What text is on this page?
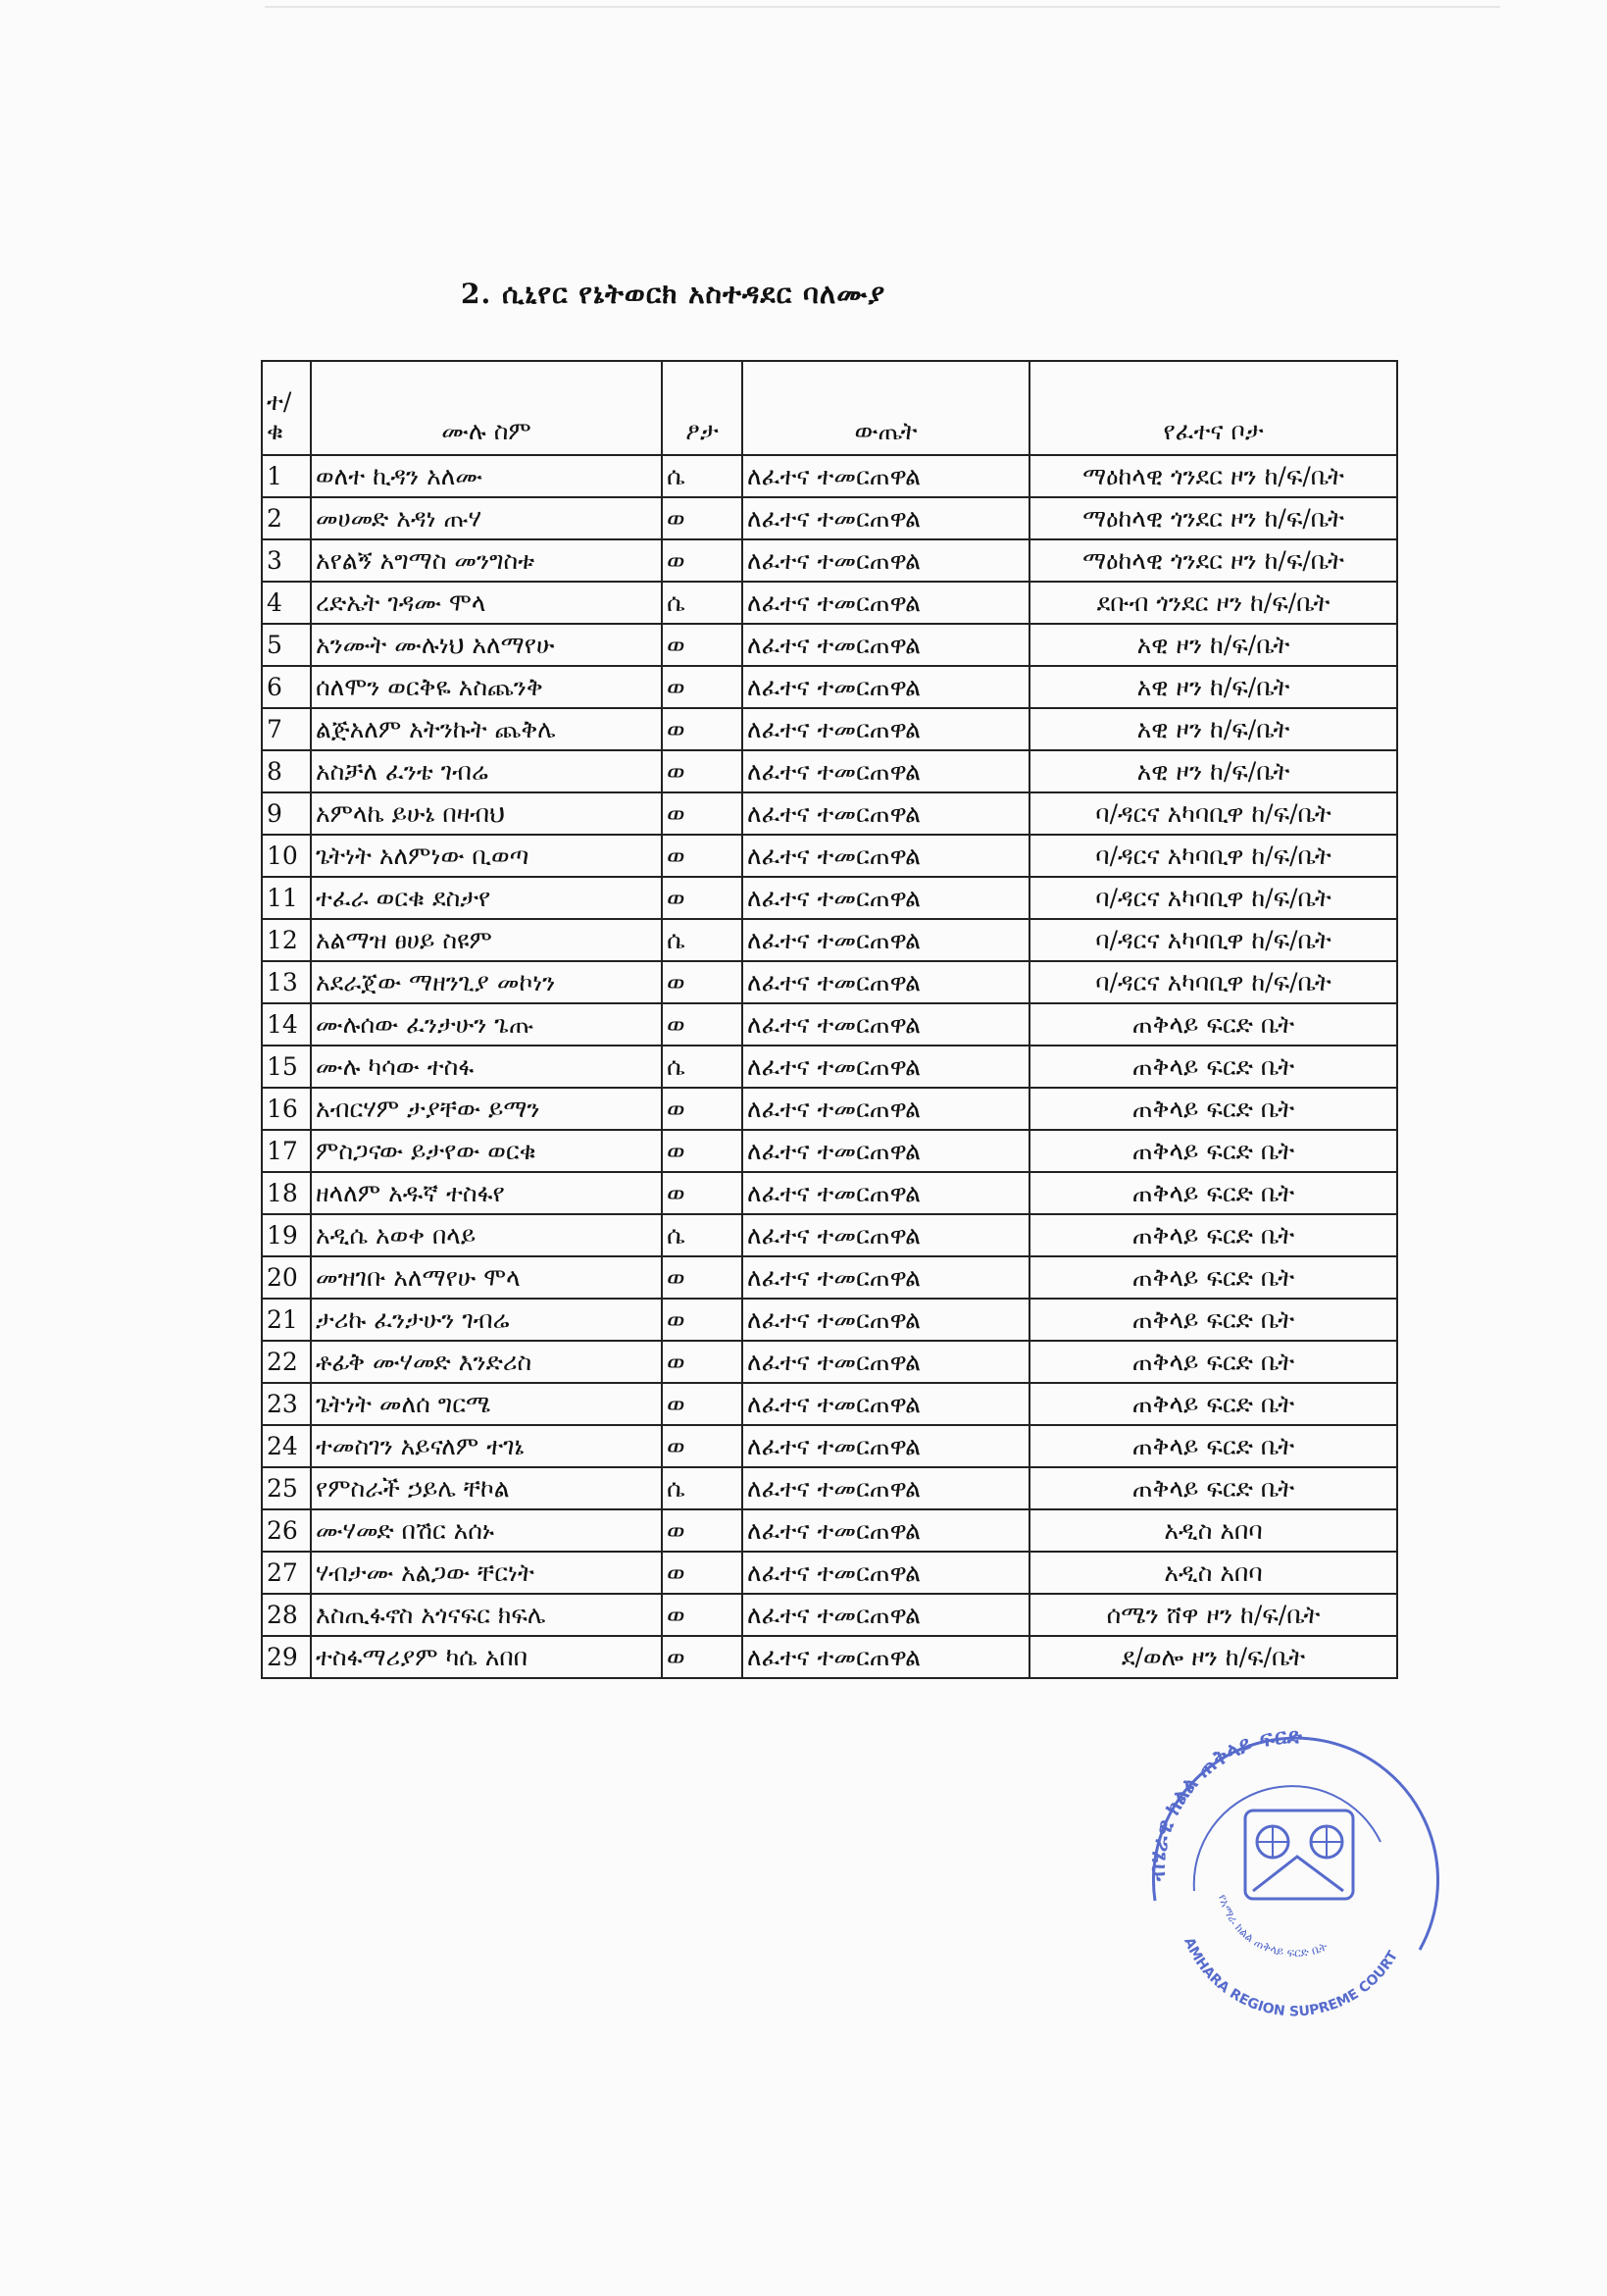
2. ሲኒየር የኔትወርክ አስተዳደር ባለሙያ
ተ/
ቁ	ሙሉ ስም	ፆታ	ውጤት	የፈተና ቦታ
1	ወለተ ኪዳን አለሙ	ሴ	ለፈተና ተመርጠዋል	ማዕከላዊ ጎንደር ዞን ከ/ፍ/ቤት
2	መሀመድ አዳነ ጡሃ	ወ	ለፈተና ተመርጠዋል	ማዕከላዊ ጎንደር ዞን ከ/ፍ/ቤት
3	አየልኝ አግማስ መንግስቱ	ወ	ለፈተና ተመርጠዋል	ማዕከላዊ ጎንደር ዞን ከ/ፍ/ቤት
4	ረድኤት ገዳሙ ሞላ	ሴ	ለፈተና ተመርጠዋል	ደቡብ ጎንደር ዞን ከ/ፍ/ቤት
5	አንሙት ሙሉነህ አለማየሁ	ወ	ለፈተና ተመርጠዋል	አዊ ዞን ከ/ፍ/ቤት
6	ሰለሞን ወርቅዬ አስጨንቅ	ወ	ለፈተና ተመርጠዋል	አዊ ዞን ከ/ፍ/ቤት
7	ልጅአለም አትንኩት ጨቅሌ	ወ	ለፈተና ተመርጠዋል	አዊ ዞን ከ/ፍ/ቤት
8	አስቻለ ፈንቴ ገብሬ	ወ	ለፈተና ተመርጠዋል	አዊ ዞን ከ/ፍ/ቤት
9	አምላኬ ይሁኔ በዛብህ	ወ	ለፈተና ተመርጠዋል	ባ/ዳርና አካባቢዋ ከ/ፍ/ቤት
10	ጌትነት አለምነው ቢወጣ	ወ	ለፈተና ተመርጠዋል	ባ/ዳርና አካባቢዋ ከ/ፍ/ቤት
11	ተፈራ ወርቁ ደስታየ	ወ	ለፈተና ተመርጠዋል	ባ/ዳርና አካባቢዋ ከ/ፍ/ቤት
12	አልማዝ ፀሀይ ስዩም	ሴ	ለፈተና ተመርጠዋል	ባ/ዳርና አካባቢዋ ከ/ፍ/ቤት
13	አደራጀው ማዘንጊያ መኮነን	ወ	ለፈተና ተመርጠዋል	ባ/ዳርና አካባቢዋ ከ/ፍ/ቤት
14	ሙሉሰው ፈንታሁን ጌጡ	ወ	ለፈተና ተመርጠዋል	ጠቅላይ ፍርድ ቤት
15	ሙሉ ካሳው ተስፋ	ሴ	ለፈተና ተመርጠዋል	ጠቅላይ ፍርድ ቤት
16	አብርሃም ታያቸው ይማን	ወ	ለፈተና ተመርጠዋል	ጠቅላይ ፍርድ ቤት
17	ምስጋናው ይታየው ወርቁ	ወ	ለፈተና ተመርጠዋል	ጠቅላይ ፍርድ ቤት
18	ዘላለም አዱኛ ተስፋየ	ወ	ለፈተና ተመርጠዋል	ጠቅላይ ፍርድ ቤት
19	አዲሴ አወቀ በላይ	ሴ	ለፈተና ተመርጠዋል	ጠቅላይ ፍርድ ቤት
20	መዝገቡ አለማየሁ ሞላ	ወ	ለፈተና ተመርጠዋል	ጠቅላይ ፍርድ ቤት
21	ታሪኩ ፈንታሁን ገብሬ	ወ	ለፈተና ተመርጠዋል	ጠቅላይ ፍርድ ቤት
22	ቶፊቅ ሙሃመድ እንድሪስ	ወ	ለፈተና ተመርጠዋል	ጠቅላይ ፍርድ ቤት
23	ጌትነት መለሰ ግርሜ	ወ	ለፈተና ተመርጠዋል	ጠቅላይ ፍርድ ቤት
24	ተመስገን አይናለም ተገኔ	ወ	ለፈተና ተመርጠዋል	ጠቅላይ ፍርድ ቤት
25	የምስራች ኃይሌ ቸኮል	ሴ	ለፈተና ተመርጠዋል	ጠቅላይ ፍርድ ቤት
26	ሙሃመድ በሽር አሰኑ	ወ	ለፈተና ተመርጠዋል	አዲስ አበባ
27	ሃብታሙ አልጋው ቸርነት	ወ	ለፈተና ተመርጠዋል	አዲስ አበባ
28	እስጢፋኖስ አጎናፍር ክፍሌ	ወ	ለፈተና ተመርጠዋል	ሰሜን ሸዋ ዞን ከ/ፍ/ቤት
29	ተስፋማሪያም ካሴ አበበ	ወ	ለፈተና ተመርጠዋል	ደ/ወሎ ዞን ከ/ፍ/ቤት
ብሄራዊ ክልል ጠቅላይ ፍርድ
AMHARA REGION SUPREME COURT
የአማራ ክልል ጠቅላይ ፍርድ ቤት
